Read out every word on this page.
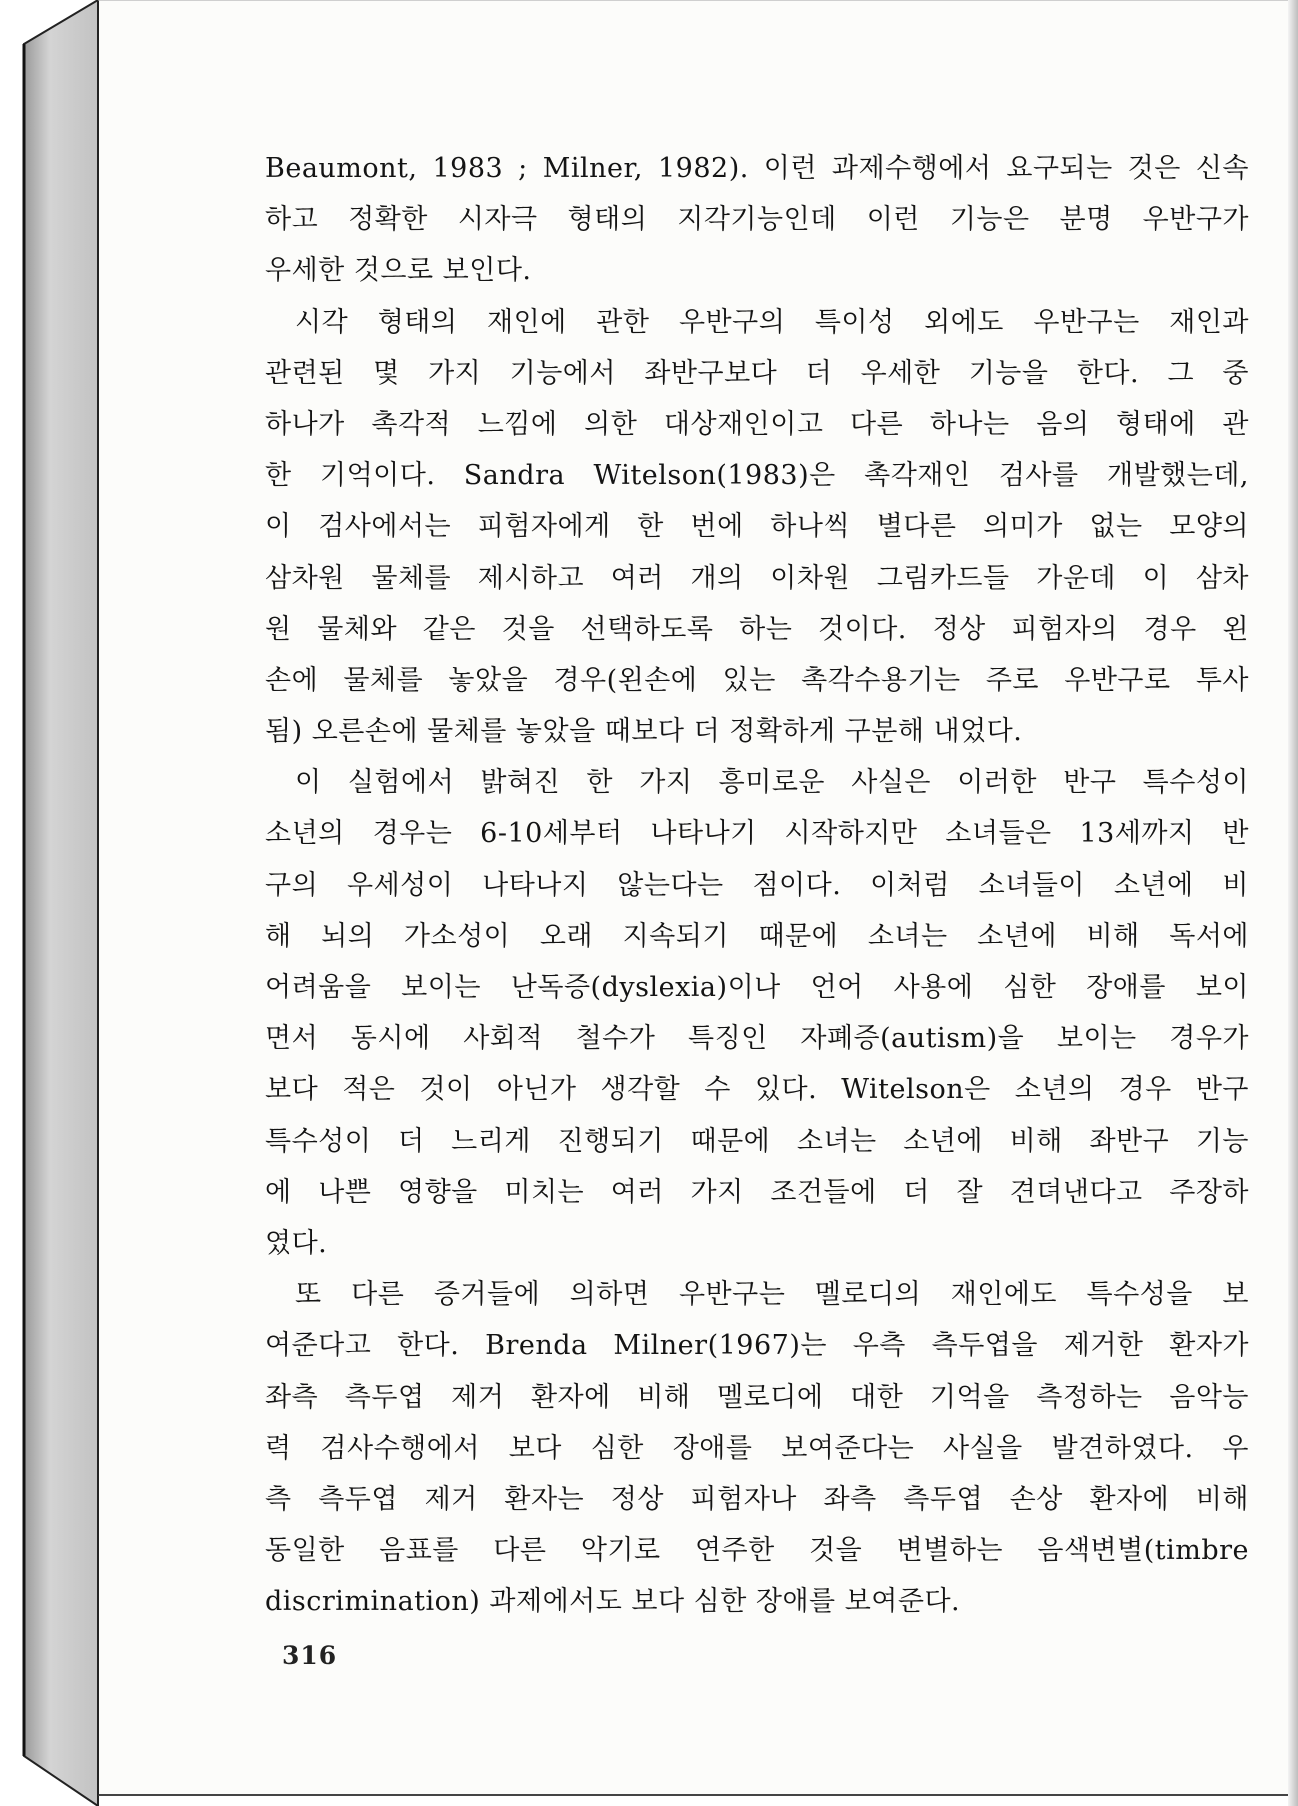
Beaumont, 1983 ; Milner, 1982). 이런 과제수행에서 요구되는 것은 신속
하고 정확한 시자극 형태의 지각기능인데 이런 기능은 분명 우반구가
우세한 것으로 보인다.
시각 형태의 재인에 관한 우반구의 특이성 외에도 우반구는 재인과
관련된 몇 가지 기능에서 좌반구보다 더 우세한 기능을 한다. 그 중
하나가 촉각적 느낌에 의한 대상재인이고 다른 하나는 음의 형태에 관
한 기억이다. Sandra Witelson(1983)은 촉각재인 검사를 개발했는데,
이 검사에서는 피험자에게 한 번에 하나씩 별다른 의미가 없는 모양의
삼차원 물체를 제시하고 여러 개의 이차원 그림카드들 가운데 이 삼차
원 물체와 같은 것을 선택하도록 하는 것이다. 정상 피험자의 경우 왼
손에 물체를 놓았을 경우(왼손에 있는 촉각수용기는 주로 우반구로 투사
됨) 오른손에 물체를 놓았을 때보다 더 정확하게 구분해 내었다.
이 실험에서 밝혀진 한 가지 흥미로운 사실은 이러한 반구 특수성이
소년의 경우는 6-10세부터 나타나기 시작하지만 소녀들은 13세까지 반
구의 우세성이 나타나지 않는다는 점이다. 이처럼 소녀들이 소년에 비
해 뇌의 가소성이 오래 지속되기 때문에 소녀는 소년에 비해 독서에
어려움을 보이는 난독증(dyslexia)이나 언어 사용에 심한 장애를 보이
면서 동시에 사회적 철수가 특징인 자폐증(autism)을 보이는 경우가
보다 적은 것이 아닌가 생각할 수 있다. Witelson은 소년의 경우 반구
특수성이 더 느리게 진행되기 때문에 소녀는 소년에 비해 좌반구 기능
에 나쁜 영향을 미치는 여러 가지 조건들에 더 잘 견뎌낸다고 주장하
였다.
또 다른 증거들에 의하면 우반구는 멜로디의 재인에도 특수성을 보
여준다고 한다. Brenda Milner(1967)는 우측 측두엽을 제거한 환자가
좌측 측두엽 제거 환자에 비해 멜로디에 대한 기억을 측정하는 음악능
력 검사수행에서 보다 심한 장애를 보여준다는 사실을 발견하였다. 우
측 측두엽 제거 환자는 정상 피험자나 좌측 측두엽 손상 환자에 비해
동일한 음표를 다른 악기로 연주한 것을 변별하는 음색변별(timbre
discrimination) 과제에서도 보다 심한 장애를 보여준다.
316
